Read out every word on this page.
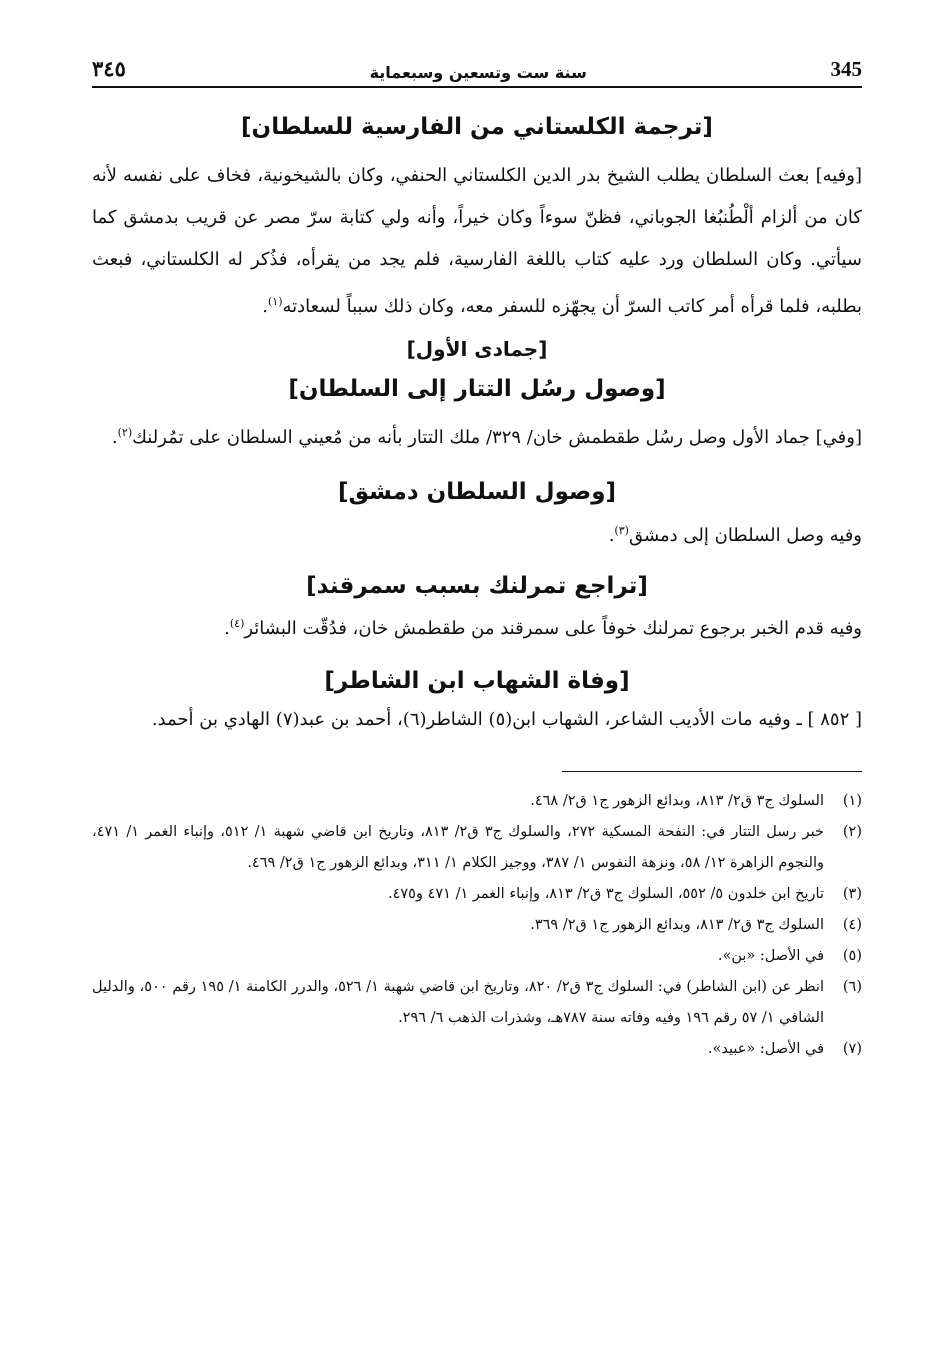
345
سنة ست وتسعين وسبعماية
٣٤٥
[ترجمة الكلستاني من الفارسية للسلطان]

[وفيه] بعث السلطان يطلب الشيخ بدر الدين الكلستاني الحنفي، وكان بالشيخونية، فخاف على نفسه لأنه كان من ألزام ألْطُنبُغا الجوباني، فظنّ سوءاً وكان خيراً، وأنه ولي كتابة سرّ مصر عن قريب بدمشق كما سيأتي. وكان السلطان ورد عليه كتاب باللغة الفارسية، فلم يجد من يقرأه، فذُكر له الكلستاني، فبعث بطلبه، فلما قرأه أمر كاتب السرّ أن يجهّزه للسفر معه، وكان ذلك سبباً لسعادته$^{(١)}$.

[جمادى الأول]
[وصول رسُل التتار إلى السلطان]

[وفي] جماد الأول وصل رسُل طقطمش خان/ ٣٢٩/ ملك التتار بأنه من مُعيني السلطان على تمُرلنك$^{(٢)}$.

[وصول السلطان دمشق]

وفيه وصل السلطان إلى دمشق$^{(٣)}$.

[تراجع تمرلنك بسبب سمرقند]

وفيه قدم الخبر برجوع تمرلنك خوفاً على سمرقند من طقطمش خان، فدُقّت البشائر$^{(٤)}$.

[وفاة الشهاب ابن الشاطر]

[ ٨٥٢ ] ـ وفيه مات الأديب الشاعر، الشهاب ابن(٥) الشاطر(٦)، أحمد بن عبد(٧) الهادي بن أحمد.

(١)
السلوك ج٣ ق٢/ ٨١٣، وبدائع الزهور ج١ ق٢/ ٤٦٨.
(٢)
خبر رسل التتار في: النفحة المسكية ٢٧٢، والسلوك ج٣ ق٢/ ٨١٣، وتاريخ ابن قاضي شهبة ١/ ٥١٢، وإنباء الغمر ١/ ٤٧١، والنجوم الزاهرة ١٢/ ٥٨، ونزهة النفوس ١/ ٣٨٧، ووجيز الكلام ١/ ٣١١، وبدائع الزهور ج١ ق٢/ ٤٦٩.
(٣)
تاريخ ابن خلدون ٥/ ٥٥٢، السلوك ج٣ ق٢/ ٨١٣، وإنباء الغمر ١/ ٤٧١ و٤٧٥.
(٤)
السلوك ج٣ ق٢/ ٨١٣، وبدائع الزهور ج١ ق٢/ ٣٦٩.
(٥)
في الأصل: «بن».
(٦)
انظر عن (ابن الشاطر) في: السلوك ج٣ ق٢/ ٨٢٠، وتاريخ ابن قاضي شهبة ١/ ٥٢٦، والدرر الكامنة ١/ ١٩٥ رقم ٥٠٠، والدليل الشافي ١/ ٥٧ رقم ١٩٦ وفيه وفاته سنة ٧٨٧هـ، وشذرات الذهب ٦/ ٢٩٦.
(٧)
في الأصل: «عبيد».
